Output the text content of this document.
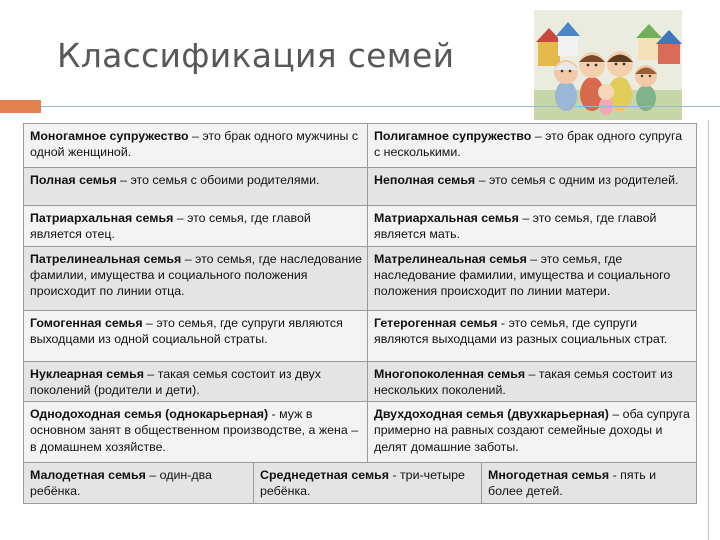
Классификация семей
Моногамное супружество – это брак одного мужчины с одной женщиной.		Полигамное супружество – это брак одного супруга с несколькими.	
Полная семья – это семья с обоими родителями.		Неполная семья – это семья с одним из родителей.	
Патриархальная семья – это семья, где главой является отец.		Матриархальная семья – это семья, где главой является мать.	
Патрелинеальная семья – это семья, где наследование фамилии, имущества и социального положения происходит по линии отца.		Матрелинеальная семья – это семья, где наследование фамилии, имущества и социального положения происходит по линии матери.	
Гомогенная семья – это семья, где супруги являются выходцами из одной социальной страты.		Гетерогенная семья - это семья, где супруги являются выходцами из разных социальных страт.	
Нуклеарная семья – такая семья состоит из двух поколений (родители и дети).		Многопоколенная семья – такая семья состоит из нескольких поколений.	
Однодоходная семья (однокарьерная) - муж в основном занят в общественном производстве, а жена – в домашнем хозяйстве.		Двухдоходная семья (двухкарьерная) – оба супруга примерно на равных создают семейные доходы и делят домашние заботы.	
Малодетная семья – один-два ребёнка.	Среднедетная семья - три-четыре ребёнка.		Многодетная семья - пять и более детей.
